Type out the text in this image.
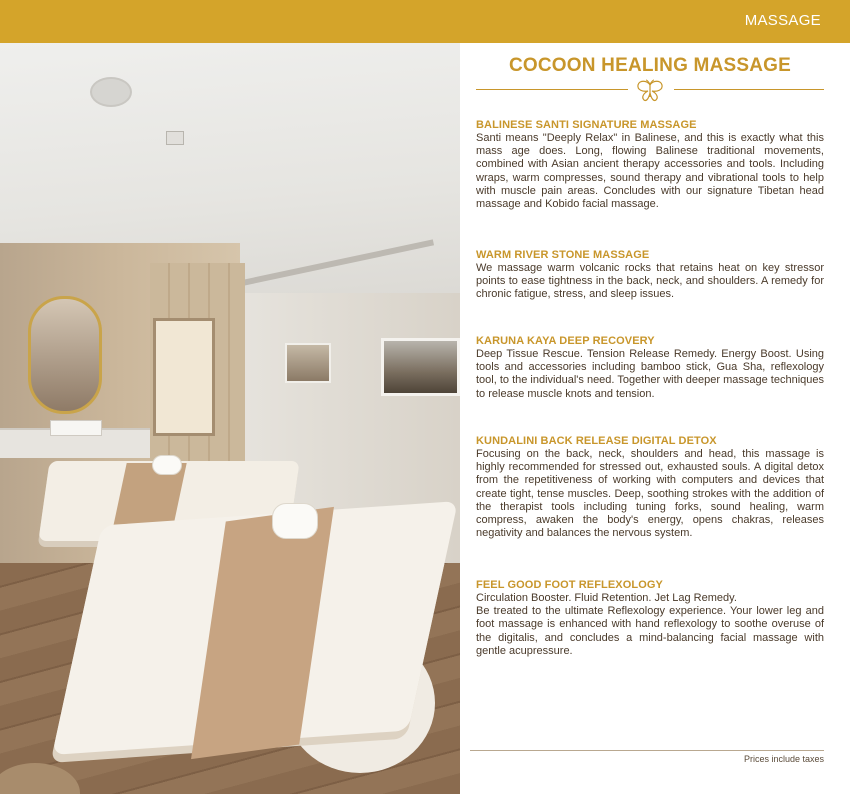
MASSAGE
COCOON HEALING MASSAGE
BALINESE SANTI SIGNATURE MASSAGE
Santi means "Deeply Relax" in Balinese, and this is exactly what this mass age does. Long, flowing Balinese traditional movements, combined with Asian ancient therapy accessories and tools. Including wraps, warm compresses, sound therapy and vibrational tools to help with muscle pain areas. Concludes with our signature Tibetan head massage and Kobido facial massage.
WARM RIVER STONE MASSAGE
We massage warm volcanic rocks that retains heat on key stressor points to ease tightness in the back, neck, and shoulders. A remedy for chronic fatigue, stress, and sleep issues.
KARUNA KAYA DEEP RECOVERY
Deep Tissue Rescue. Tension Release Remedy. Energy Boost. Using tools and accessories including bamboo stick, Gua Sha, reflexology tool, to the individual's need. Together with deeper massage techniques to release muscle knots and tension.
KUNDALINI BACK RELEASE DIGITAL DETOX
Focusing on the back, neck, shoulders and head, this massage is highly recommended for stressed out, exhausted souls. A digital detox from the repetitiveness of working with computers and devices that create tight, tense muscles. Deep, soothing strokes with the addition of the therapist tools including tuning forks, sound healing, warm compress, awaken the body's energy, opens chakras, releases negativity and balances the nervous system.
FEEL GOOD FOOT REFLEXOLOGY
Circulation Booster. Fluid Retention. Jet Lag Remedy.
Be treated to the ultimate Reflexology experience. Your lower leg and foot massage is enhanced with hand reflexology to soothe overuse of the digitalis, and concludes a mind-balancing facial massage with gentle acupressure.
Prices include taxes
